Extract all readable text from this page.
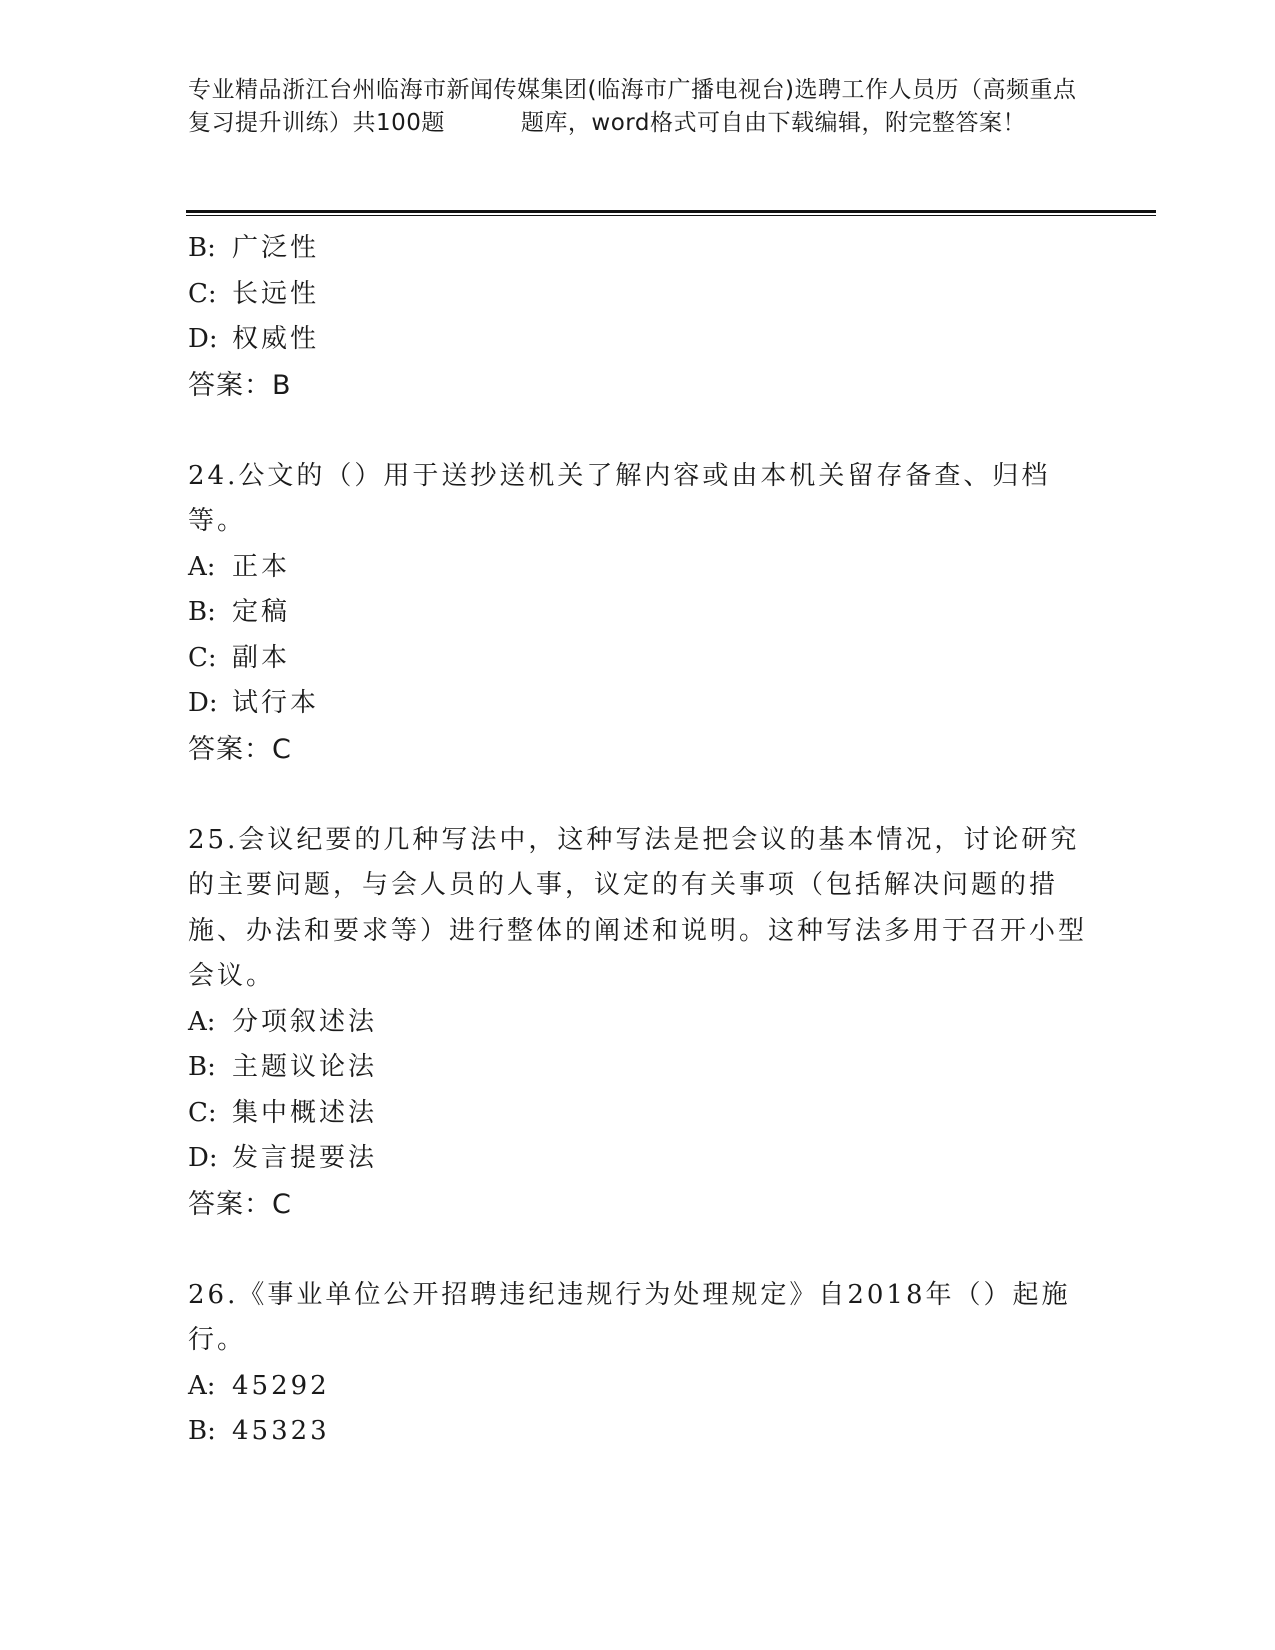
专业精品浙江台州临海市新闻传媒集团(临海市广播电视台)选聘工作人员历（高频重点复习提升训练）共100题	题库，word格式可自由下载编辑，附完整答案！
B: 广泛性
C: 长远性
D: 权威性
答案：B
24.公文的（）用于送抄送机关了解内容或由本机关留存备查、归档等。
A: 正本
B: 定稿
C: 副本
D: 试行本
答案：C
25.会议纪要的几种写法中，这种写法是把会议的基本情况，讨论研究的主要问题，与会人员的人事，议定的有关事项（包括解决问题的措施、办法和要求等）进行整体的阐述和说明。这种写法多用于召开小型会议。
A: 分项叙述法
B: 主题议论法
C: 集中概述法
D: 发言提要法
答案：C
26.《事业单位公开招聘违纪违规行为处理规定》自2018年（）起施行。
A: 45292
B: 45323
